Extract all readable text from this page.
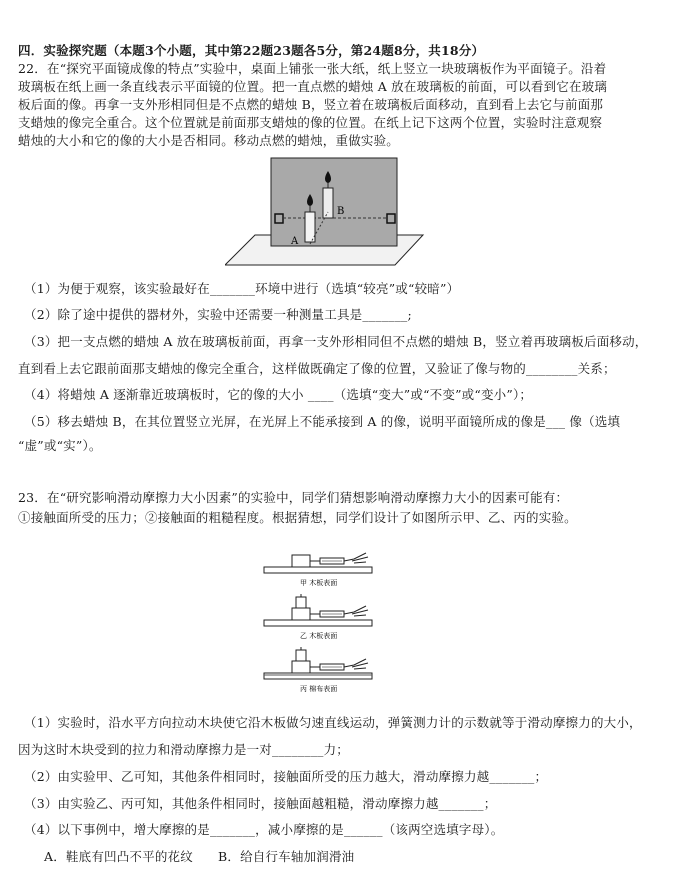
四．实验探究题（本题3个小题，其中第22题23题各5分，第24题8分，共18分）
22．在“探究平面镜成像的特点”实验中，桌面上铺张一张大纸，纸上竖立一块玻璃板作为平面镜子。沿着
玻璃板在纸上画一条直线表示平面镜的位置。把一直点燃的蜡烛 A 放在玻璃板的前面，可以看到它在玻璃
板后面的像。再拿一支外形相同但是不点燃的蜡烛 B，竖立着在玻璃板后面移动，直到看上去它与前面那
支蜡烛的像完全重合。这个位置就是前面那支蜡烛的像的位置。在纸上记下这两个位置，实验时注意观察
蜡烛的大小和它的像的大小是否相同。移动点燃的蜡烛，重做实验。
A
B
（1）为便于观察，该实验最好在_______环境中进行（选填“较亮”或“较暗”）
（2）除了途中提供的器材外，实验中还需要一种测量工具是_______;
（3）把一支点燃的蜡烛 A 放在玻璃板前面，再拿一支外形相同但不点燃的蜡烛 B，竖立着再玻璃板后面移动，
直到看上去它跟前面那支蜡烛的像完全重合，这样做既确定了像的位置，又验证了像与物的________关系；
（4）将蜡烛 A 逐渐靠近玻璃板时，它的像的大小 ____（选填“变大”或“不变”或“变小”）；
（5）移去蜡烛 B，在其位置竖立光屏，在光屏上不能承接到 A 的像，说明平面镜所成的像是___ 像（选填
“虚”或“实”）。
23．在“研究影响滑动摩擦力大小因素”的实验中，同学们猜想影响滑动摩擦力大小的因素可能有：
①接触面所受的压力；②接触面的粗糙程度。根据猜想，同学们设计了如图所示甲、乙、丙的实验。
甲 木板表面
乙 木板表面
丙 棉布表面
（1）实验时，沿水平方向拉动木块使它沿木板做匀速直线运动，弹簧测力计的示数就等于滑动摩擦力的大小，
因为这时木块受到的拉力和滑动摩擦力是一对________力；
（2）由实验甲、乙可知，其他条件相同时，接触面所受的压力越大，滑动摩擦力越_______；
（3）由实验乙、丙可知，其他条件相同时，接触面越粗糙，滑动摩擦力越_______；
（4）以下事例中，增大摩擦的是_______，减小摩擦的是______（该两空选填字母）。
A．鞋底有凹凸不平的花纹 B．给自行车轴加润滑油
